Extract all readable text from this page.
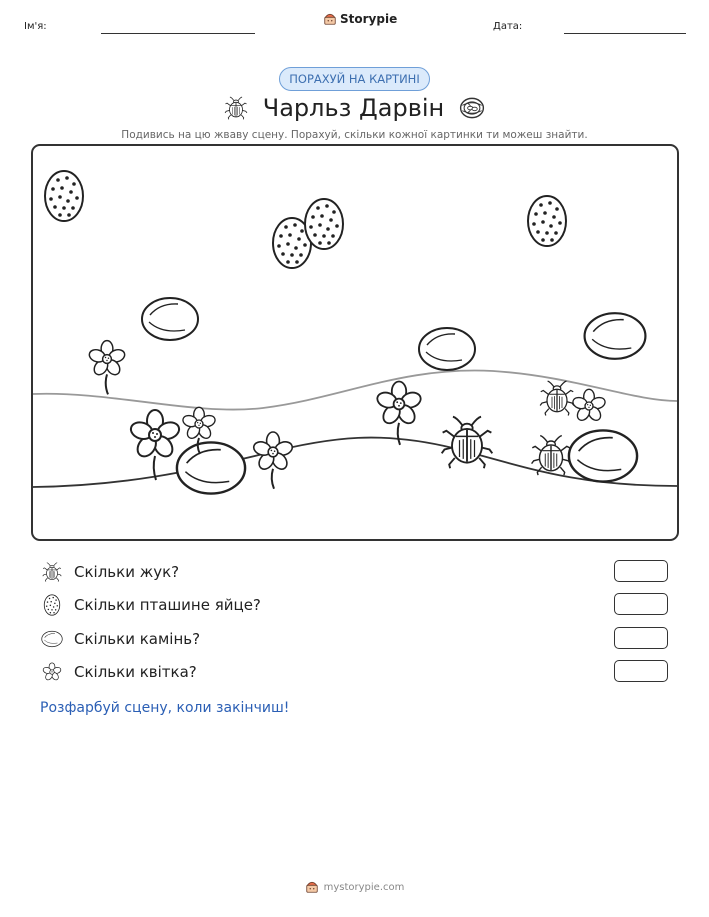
Ім'я:
Storypie
Дата:
ПОРАХУЙ НА КАРТИНІ
Чарльз Дарвін
Подивись на цю жваву сцену. Порахуй, скільки кожної картинки ти можеш знайти.
Скільки жук?
Скільки пташине яйце?
Скільки камінь?
Скільки квітка?
Розфарбуй сцену, коли закінчиш!
mystorypie.com
